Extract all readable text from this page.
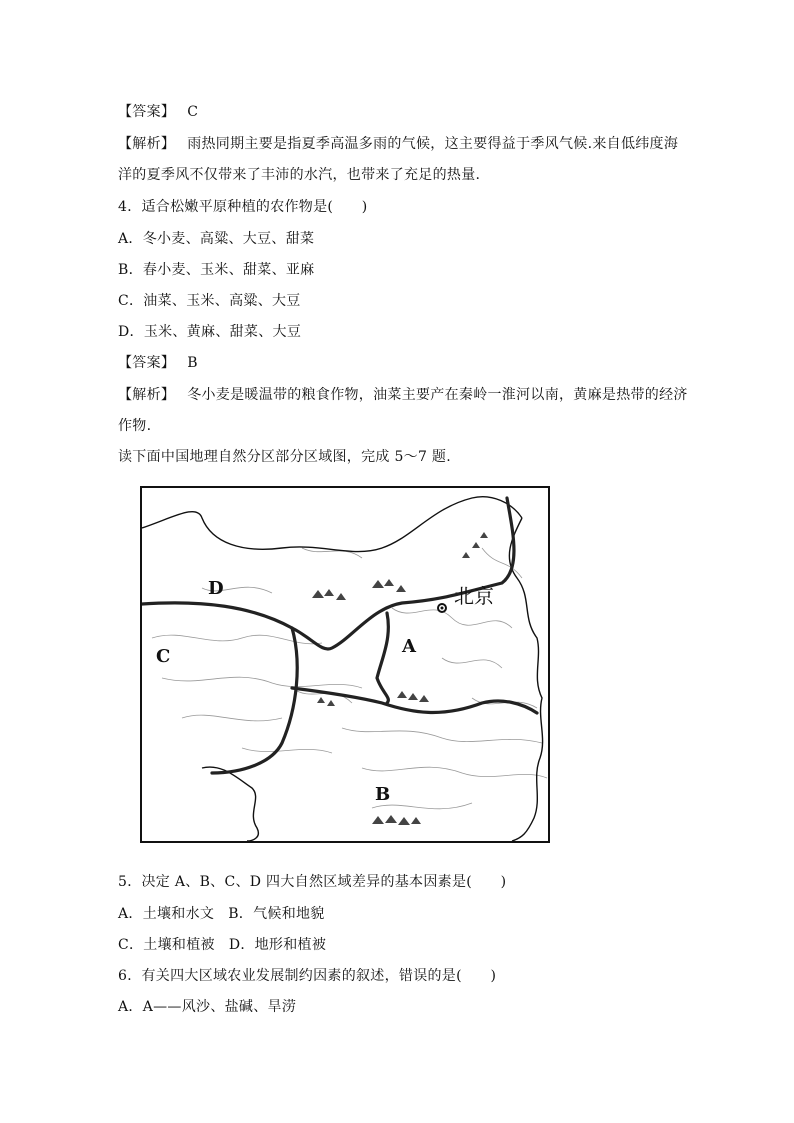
【答案】 C
【解析】 雨热同期主要是指夏季高温多雨的气候，这主要得益于季风气候.来自低纬度海
洋的夏季风不仅带来了丰沛的水汽，也带来了充足的热量.
4．适合松嫩平原种植的农作物是(　　)
A．冬小麦、高粱、大豆、甜菜
B．春小麦、玉米、甜菜、亚麻
C．油菜、玉米、高粱、大豆
D．玉米、黄麻、甜菜、大豆
【答案】 B
【解析】 冬小麦是暖温带的粮食作物，油菜主要产在秦岭一淮河以南，黄麻是热带的经济
作物.
读下面中国地理自然分区部分区域图，完成 5～7 题.
D
C	A
B
北京
5．决定 A、B、C、D 四大自然区域差异的基本因素是(　　)
A．土壤和水文 B．气候和地貌
C．土壤和植被 D．地形和植被
6．有关四大区域农业发展制约因素的叙述，错误的是(　　)
A．A——风沙、盐碱、旱涝
